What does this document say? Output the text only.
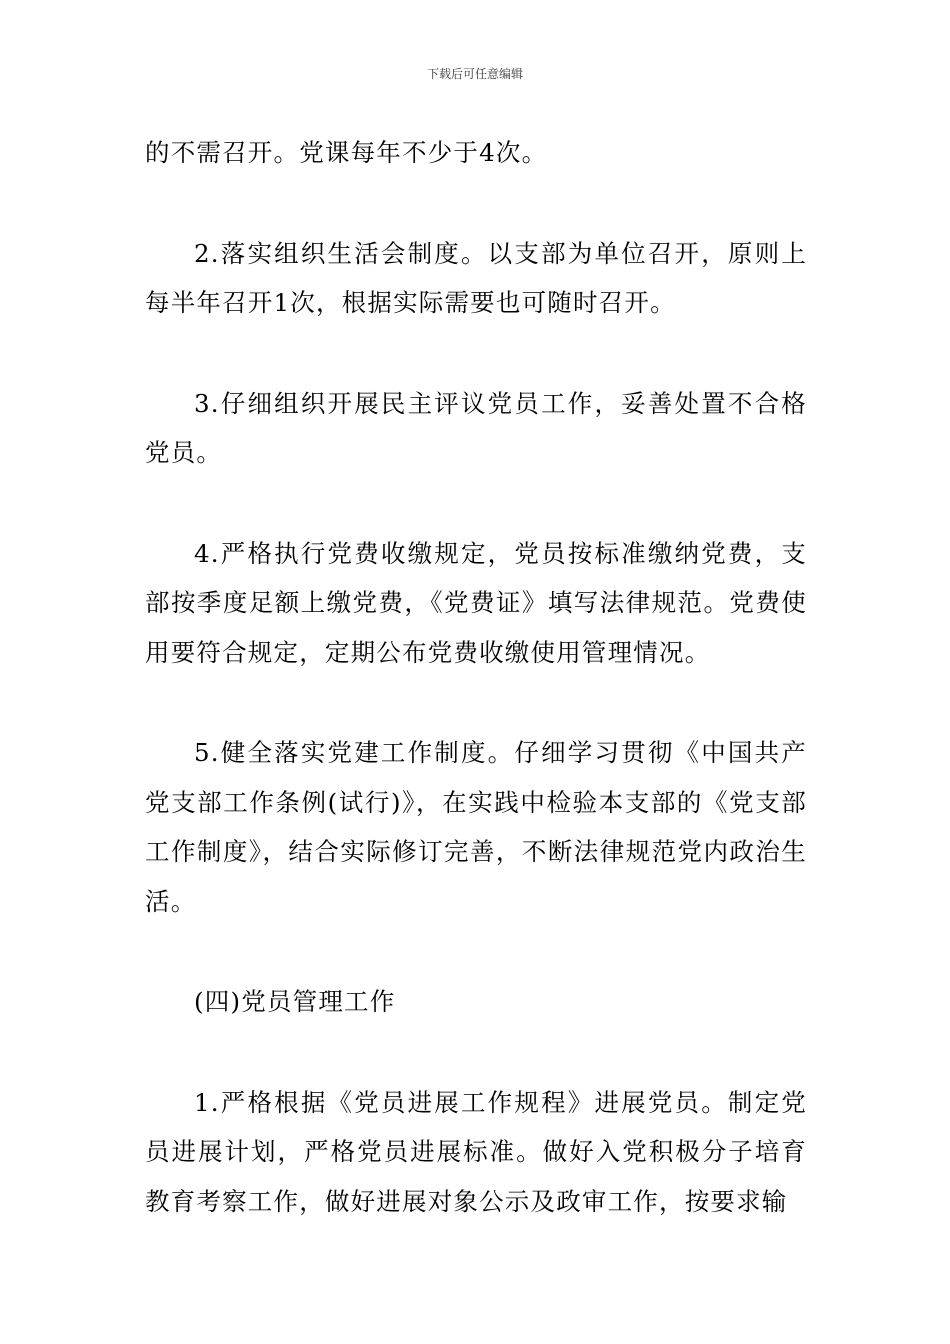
下载后可任意编辑

的不需召开。党课每年不少于4次。

2.落实组织生活会制度。以支部为单位召开，原则上每半年召开1次，根据实际需要也可随时召开。

3.仔细组织开展民主评议党员工作，妥善处置不合格党员。

4.严格执行党费收缴规定，党员按标准缴纳党费，支部按季度足额上缴党费，《党费证》填写法律规范。党费使用要符合规定，定期公布党费收缴使用管理情况。

5.健全落实党建工作制度。仔细学习贯彻《中国共产党支部工作条例(试行)》，在实践中检验本支部的《党支部工作制度》，结合实际修订完善，不断法律规范党内政治生活。

(四)党员管理工作

1.严格根据《党员进展工作规程》进展党员。制定党员进展计划，严格党员进展标准。做好入党积极分子培育教育考察工作，做好进展对象公示及政审工作，按要求输
